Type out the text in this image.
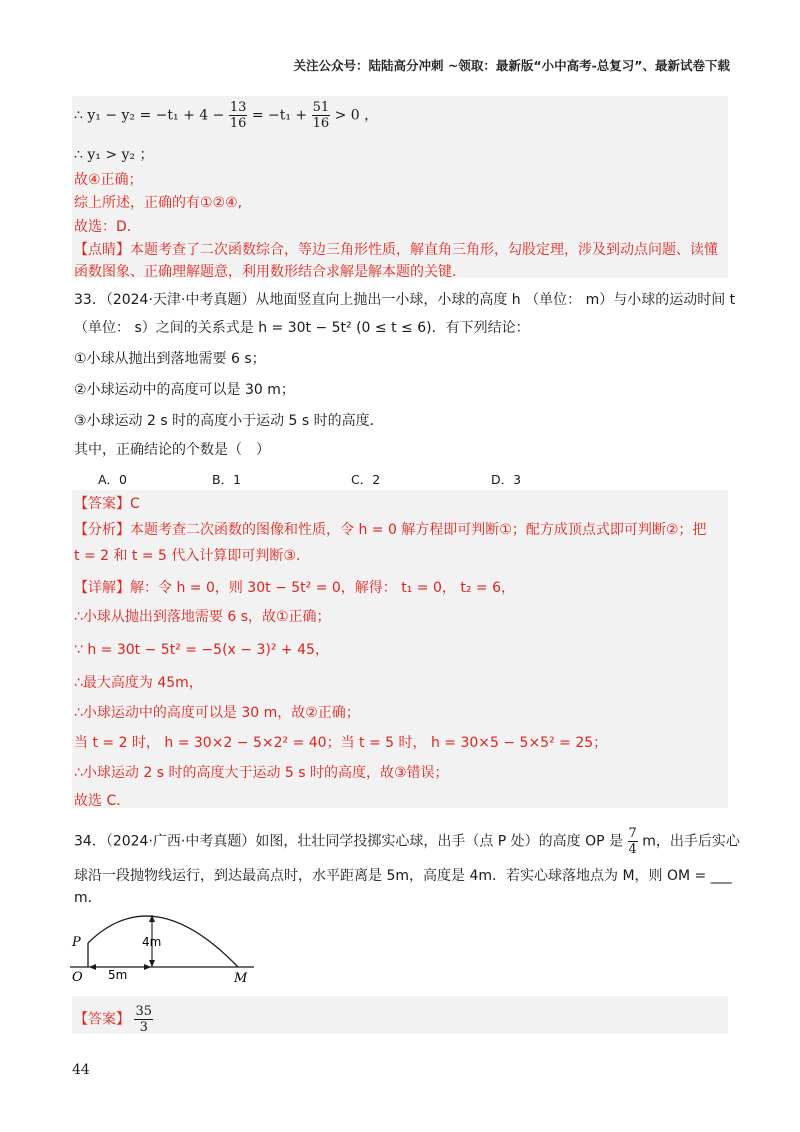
关注公众号：陆陆高分冲刺 ~领取：最新版“小中高考-总复习”、最新试卷下载
∴ $y_1 - y_2 = -t_1 + 4 - \frac{13}{16} = -t_1 + \frac{51}{16} > 0$ ，
∴ y₁ > y₂ ；
故④正确；
综上所述，正确的有①②④,
故选：D．
【点睛】本题考查了二次函数综合，等边三角形性质，解直角三角形，勾股定理，涉及到动点问题、读懂
函数图象、正确理解题意，利用数形结合求解是解本题的关键．
33．（2024·天津·中考真题）从地面竖直向上抛出一小球，小球的高度 h （单位： m）与小球的运动时间 t
（单位： s）之间的关系式是 h = 30t − 5t² (0 ≤ t ≤ 6)．有下列结论：
①小球从抛出到落地需要 6 s；
②小球运动中的高度可以是 30 m；
③小球运动 2 s 时的高度小于运动 5 s 时的高度．
其中，正确结论的个数是（　）
A．0	B．1	C．2	D．3
【答案】C
【分析】本题考查二次函数的图像和性质，令 h = 0 解方程即可判断①；配方成顶点式即可判断②；把
t = 2 和 t = 5 代入计算即可判断③．
【详解】解：令 h = 0，则 30t − 5t² = 0，解得： t₁ = 0， t₂ = 6，
∴小球从抛出到落地需要 6 s，故①正确；
∵ h = 30t − 5t² = −5(x − 3)² + 45，
∴最大高度为 45m，
∴小球运动中的高度可以是 30 m，故②正确；
当 t = 2 时， h = 30×2 − 5×2² = 40；当 t = 5 时， h = 30×5 − 5×5² = 25；
∴小球运动 2 s 时的高度大于运动 5 s 时的高度，故③错误；
故选 C．
34．（2024·广西·中考真题）如图，壮壮同学投掷实心球，出手（点 P 处）的高度 OP 是 $\frac{7}{4}$ m，出手后实心
球沿一段抛物线运行，到达最高点时，水平距离是 5m，高度是 4m．若实心球落地点为 M，则 OM = ___
m．
P
O	M
4m
5m
【答案】 $\frac{35}{3}$
44
